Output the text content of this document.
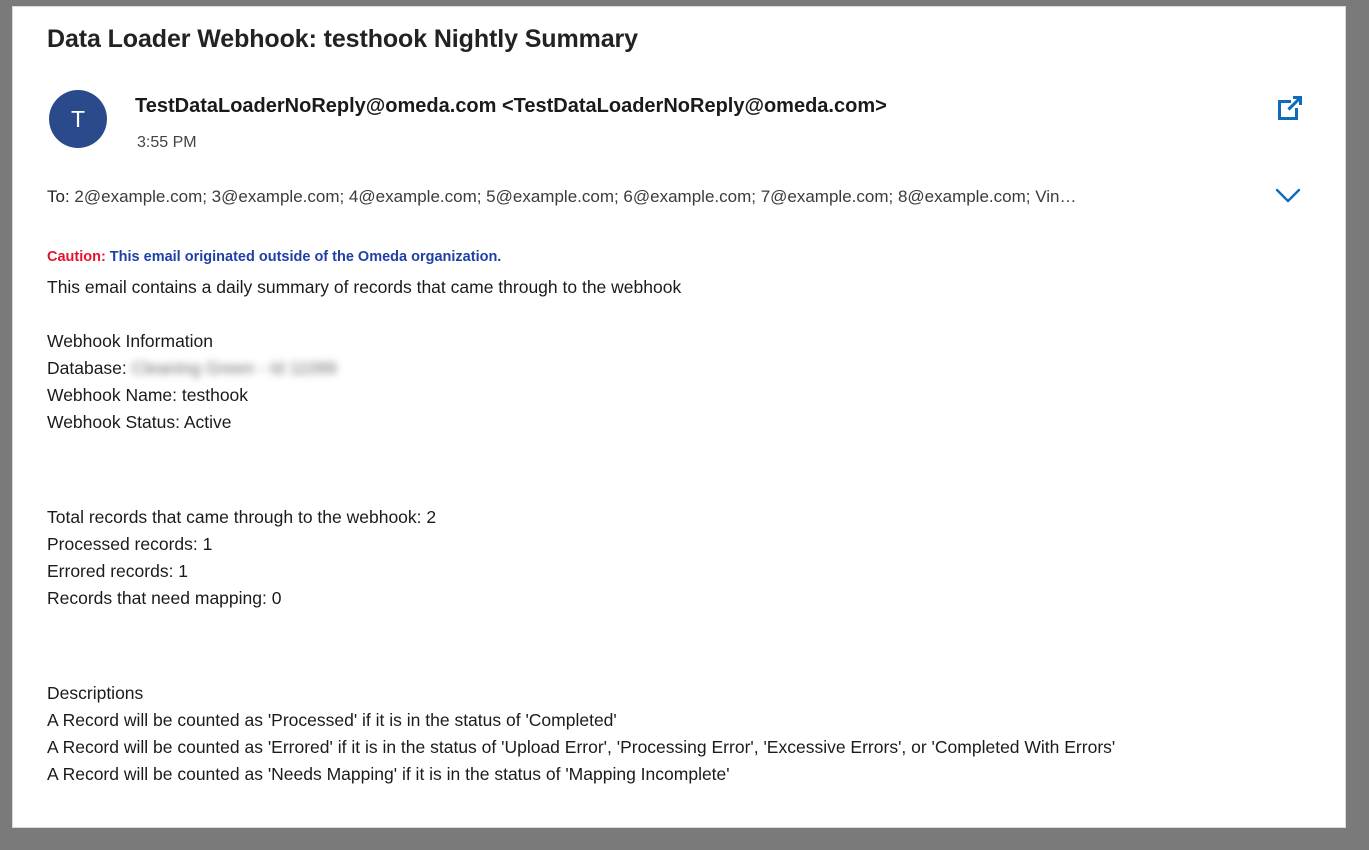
Data Loader Webhook: testhook Nightly Summary
T	TestDataLoaderNoReply@omeda.com <TestDataLoaderNoReply@omeda.com>
3:55 PM
To: 2@example.com; 3@example.com; 4@example.com; 5@example.com; 6@example.com; 7@example.com; 8@example.com; Vin…
Caution: This email originated outside of the Omeda organization.
This email contains a daily summary of records that came through to the webhook
Webhook Information
Database: Cleaning Green - Id 11099
Webhook Name: testhook
Webhook Status: Active
Total records that came through to the webhook: 2
Processed records: 1
Errored records: 1
Records that need mapping: 0
Descriptions
A Record will be counted as 'Processed' if it is in the status of 'Completed'
A Record will be counted as 'Errored' if it is in the status of 'Upload Error', 'Processing Error', 'Excessive Errors', or 'Completed With Errors'
A Record will be counted as 'Needs Mapping' if it is in the status of 'Mapping Incomplete'
